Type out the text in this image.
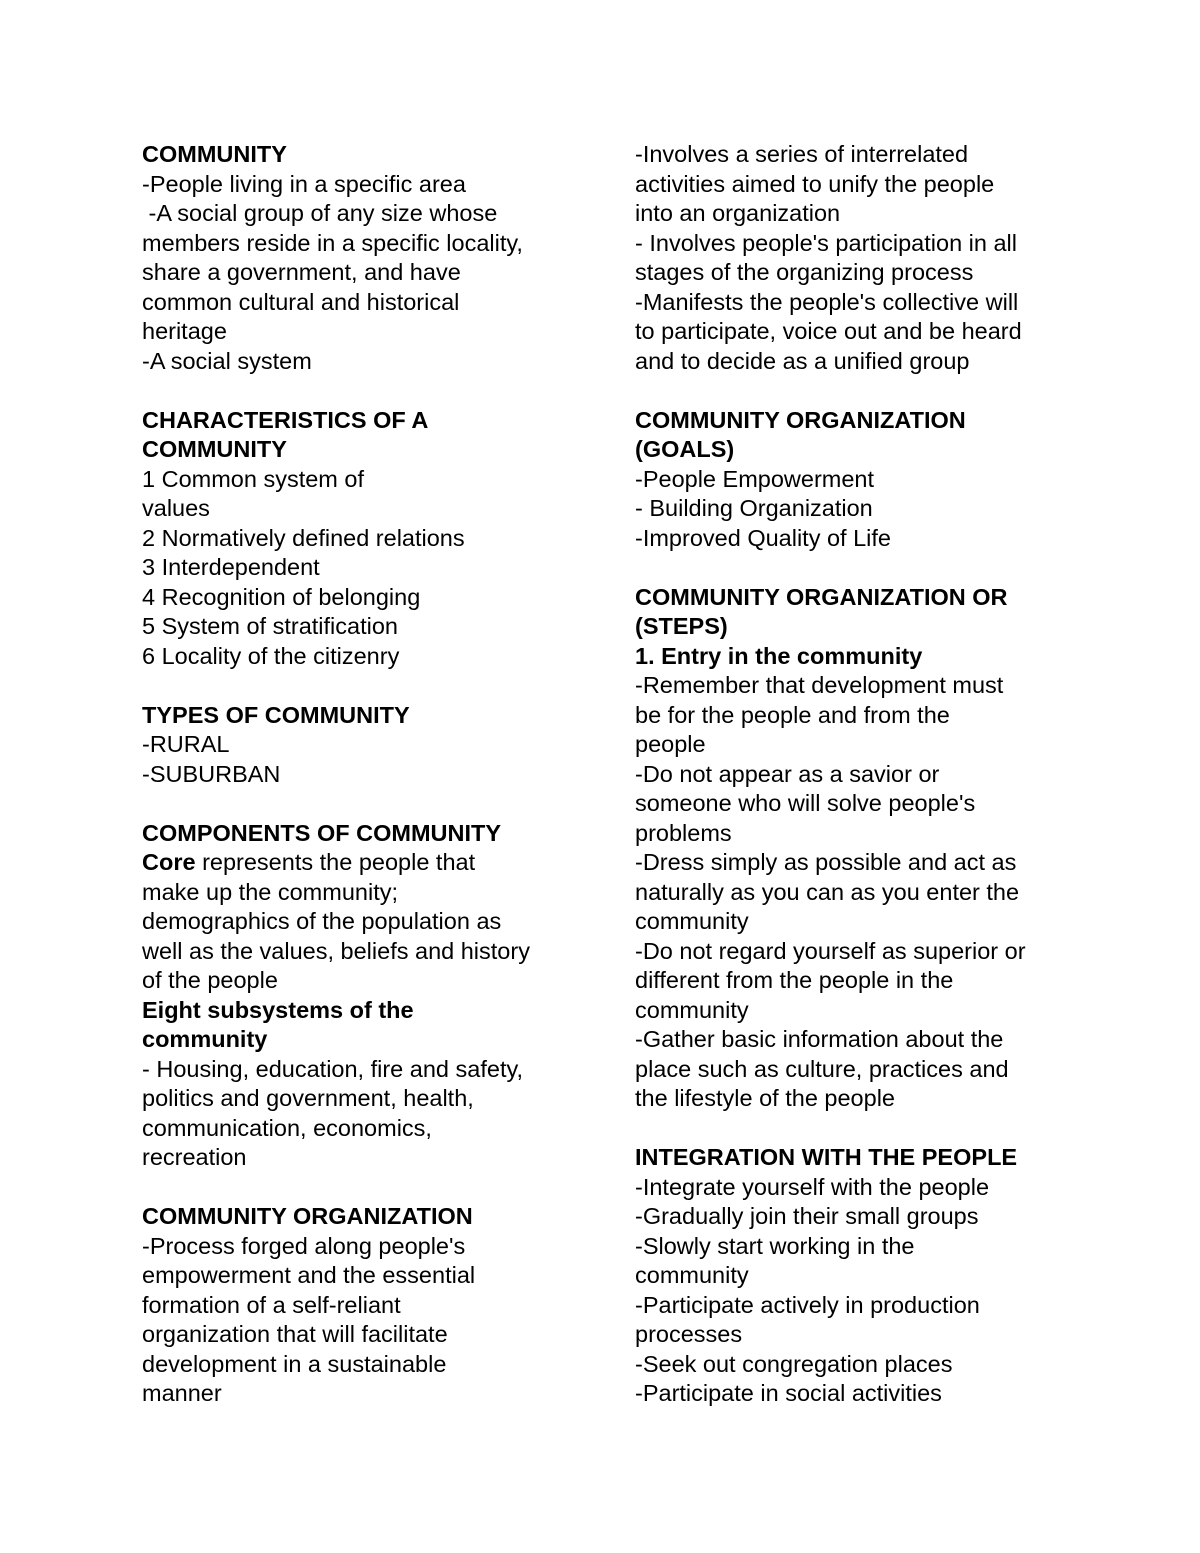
COMMUNITY
-People living in a specific area
-A social group of any size whose
members reside in a specific locality,
share a government, and have
common cultural and historical
heritage
-A social system
CHARACTERISTICS OF A
COMMUNITY
1 Common system of
values
2 Normatively defined relations
3 Interdependent
4 Recognition of belonging
5 System of stratification
6 Locality of the citizenry
TYPES OF COMMUNITY
-RURAL
-SUBURBAN
COMPONENTS OF COMMUNITY
Core represents the people that
make up the community;
demographics of the population as
well as the values, beliefs and history
of the people
Eight subsystems of the
community
- Housing, education, fire and safety,
politics and government, health,
communication, economics,
recreation
COMMUNITY ORGANIZATION
-Process forged along people's
empowerment and the essential
formation of a self-reliant
organization that will facilitate
development in a sustainable
manner
-Involves a series of interrelated
activities aimed to unify the people
into an organization
- Involves people's participation in all
stages of the organizing process
-Manifests the people's collective will
to participate, voice out and be heard
and to decide as a unified group
COMMUNITY ORGANIZATION
(GOALS)
-People Empowerment
- Building Organization
-Improved Quality of Life
COMMUNITY ORGANIZATION OR
(STEPS)
1. Entry in the community
-Remember that development must
be for the people and from the
people
-Do not appear as a savior or
someone who will solve people's
problems
-Dress simply as possible and act as
naturally as you can as you enter the
community
-Do not regard yourself as superior or
different from the people in the
community
-Gather basic information about the
place such as culture, practices and
the lifestyle of the people
INTEGRATION WITH THE PEOPLE
-Integrate yourself with the people
-Gradually join their small groups
-Slowly start working in the
community
-Participate actively in production
processes
-Seek out congregation places
-Participate in social activities
